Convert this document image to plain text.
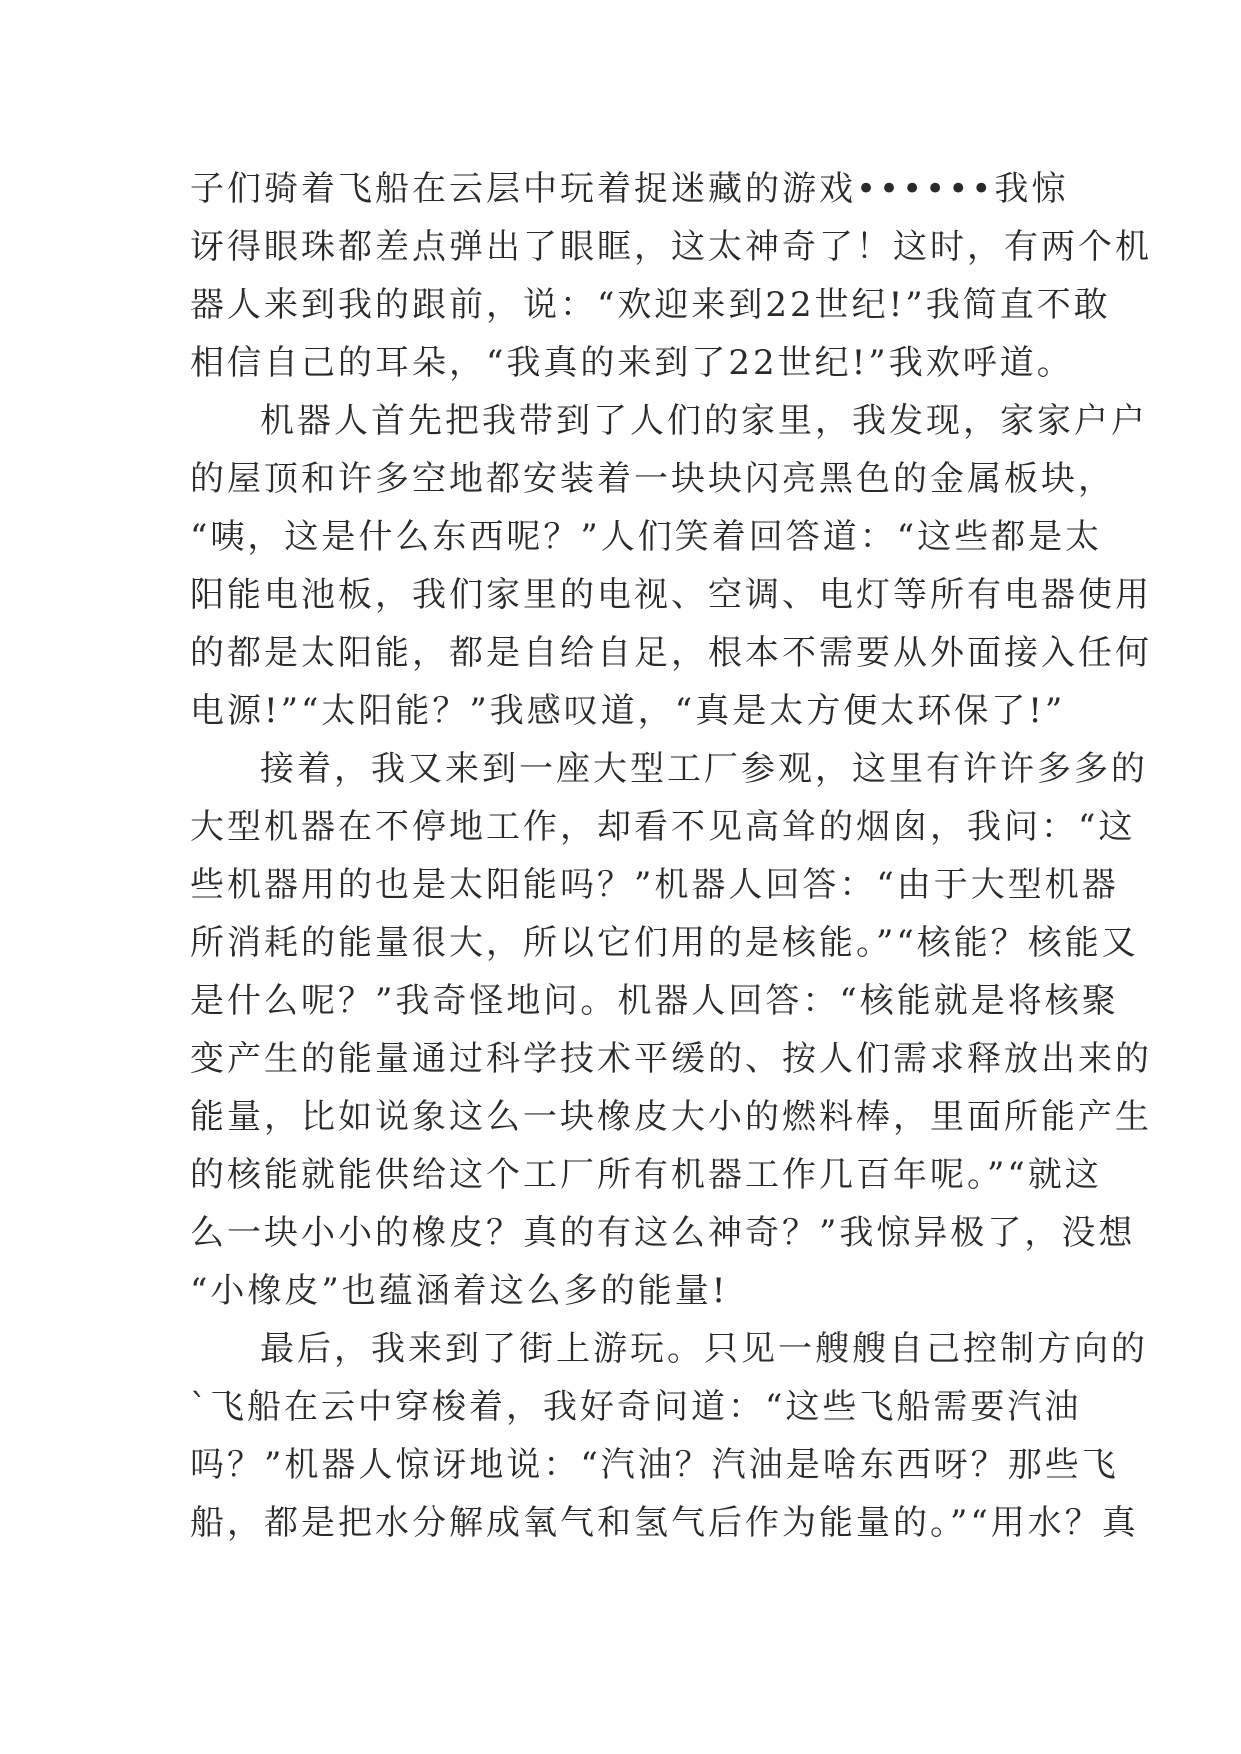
子们骑着飞船在云层中玩着捉迷藏的游戏••••••我惊
讶得眼珠都差点弹出了眼眶，这太神奇了！这时，有两个机
器人来到我的跟前，说：“欢迎来到22世纪!”我简直不敢
相信自己的耳朵，“我真的来到了22世纪!”我欢呼道。
机器人首先把我带到了人们的家里，我发现，家家户户
的屋顶和许多空地都安装着一块块闪亮黑色的金属板块，
“咦，这是什么东西呢？”人们笑着回答道：“这些都是太
阳能电池板，我们家里的电视、空调、电灯等所有电器使用
的都是太阳能，都是自给自足，根本不需要从外面接入任何
电源!”“太阳能？”我感叹道，“真是太方便太环保了!”
接着，我又来到一座大型工厂参观，这里有许许多多的
大型机器在不停地工作，却看不见高耸的烟囱，我问：“这
些机器用的也是太阳能吗？”机器人回答：“由于大型机器
所消耗的能量很大，所以它们用的是核能。”“核能？核能又
是什么呢？”我奇怪地问。机器人回答：“核能就是将核聚
变产生的能量通过科学技术平缓的、按人们需求释放出来的
能量，比如说象这么一块橡皮大小的燃料棒，里面所能产生
的核能就能供给这个工厂所有机器工作几百年呢。”“就这
么一块小小的橡皮？真的有这么神奇？”我惊异极了，没想
“小橡皮”也蕴涵着这么多的能量!
最后，我来到了街上游玩。只见一艘艘自己控制方向的
`飞船在云中穿梭着，我好奇问道：“这些飞船需要汽油
吗？”机器人惊讶地说：“汽油？汽油是啥东西呀？那些飞
船，都是把水分解成氧气和氢气后作为能量的。”“用水？真
